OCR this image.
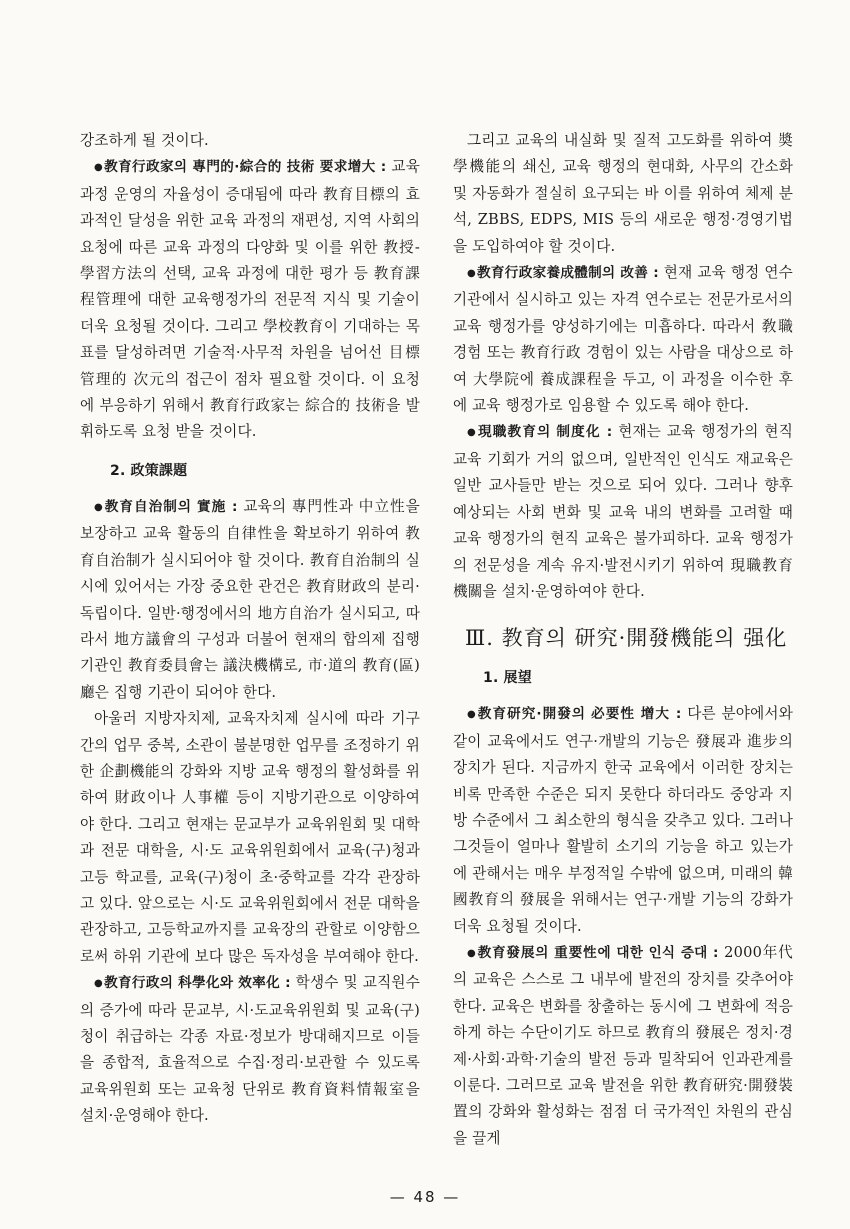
강조하게 될 것이다.

●教育行政家의 專門的·綜合的 技術 要求增大 : 교육 과정 운영의 자율성이 증대됨에 따라 教育目標의 효과적인 달성을 위한 교육 과정의 재편성, 지역 사회의 요청에 따른 교육 과정의 다양화 및 이를 위한 教授-學習方法의 선택, 교육 과정에 대한 평가 등 教育課程管理에 대한 교육행정가의 전문적 지식 및 기술이 더욱 요청될 것이다. 그리고 學校教育이 기대하는 목표를 달성하려면 기술적·사무적 차원을 넘어선 目標管理的 次元의 접근이 점차 필요할 것이다. 이 요청에 부응하기 위해서 教育行政家는 綜合的 技術을 발휘하도록 요청 받을 것이다.

2. 政策課題

●教育自治制의 實施 : 교육의 專門性과 中立性을 보장하고 교육 활동의 自律性을 확보하기 위하여 教育自治制가 실시되어야 할 것이다. 教育自治制의 실시에 있어서는 가장 중요한 관건은 教育財政의 분리·독립이다. 일반·행정에서의 地方自治가 실시되고, 따라서 地方議會의 구성과 더불어 현재의 합의제 집행 기관인 教育委員會는 議決機構로, 市·道의 教育(區)廳은 집행 기관이 되어야 한다.

아울러 지방자치제, 교육자치제 실시에 따라 기구간의 업무 중복, 소관이 불분명한 업무를 조정하기 위한 企劃機能의 강화와 지방 교육 행정의 활성화를 위하여 財政이나 人事權 등이 지방기관으로 이양하여야 한다. 그리고 현재는 문교부가 교육위원회 및 대학과 전문 대학을, 시·도 교육위원회에서 교육(구)청과 고등 학교를, 교육(구)청이 초·중학교를 각각 관장하고 있다. 앞으로는 시·도 교육위원회에서 전문 대학을 관장하고, 고등학교까지를 교육장의 관할로 이양함으로써 하위 기관에 보다 많은 독자성을 부여해야 한다.

●教育行政의 科學化와 效率化 : 학생수 및 교직원수의 증가에 따라 문교부, 시·도교육위원회 및 교육(구)청이 취급하는 각종 자료·정보가 방대해지므로 이들을 종합적, 효율적으로 수집·정리·보관할 수 있도록 교육위원회 또는 교육청 단위로 教育資料情報室을 설치·운영해야 한다.

그리고 교육의 내실화 및 질적 고도화를 위하여 奬學機能의 쇄신, 교육 행정의 현대화, 사무의 간소화 및 자동화가 절실히 요구되는 바 이를 위하여 체제 분석, ZBBS, EDPS, MIS 등의 새로운 행정·경영기법을 도입하여야 할 것이다.

●教育行政家養成體制의 改善 : 현재 교육 행정 연수 기관에서 실시하고 있는 자격 연수로는 전문가로서의 교육 행정가를 양성하기에는 미흡하다. 따라서 敎職 경험 또는 教育行政 경험이 있는 사람을 대상으로 하여 大學院에 養成課程을 두고, 이 과정을 이수한 후에 교육 행정가로 임용할 수 있도록 해야 한다.

●現職教育의 制度化 : 현재는 교육 행정가의 현직 교육 기회가 거의 없으며, 일반적인 인식도 재교육은 일반 교사들만 받는 것으로 되어 있다. 그러나 향후 예상되는 사회 변화 및 교육 내의 변화를 고려할 때 교육 행정가의 현직 교육은 불가피하다. 교육 행정가의 전문성을 계속 유지·발전시키기 위하여 現職教育機關을 설치·운영하여야 한다.

Ⅲ. 教育의 研究·開發機能의 强化
1. 展望

●教育研究·開發의 必要性 增大 : 다른 분야에서와 같이 교육에서도 연구·개발의 기능은 發展과 進步의 장치가 된다. 지금까지 한국 교육에서 이러한 장치는 비록 만족한 수준은 되지 못한다 하더라도 중앙과 지방 수준에서 그 최소한의 형식을 갖추고 있다. 그러나 그것들이 얼마나 활발히 소기의 기능을 하고 있는가에 관해서는 매우 부정적일 수밖에 없으며, 미래의 韓國教育의 發展을 위해서는 연구·개발 기능의 강화가 더욱 요청될 것이다.

●教育發展의 重要性에 대한 인식 증대 : 2000年代의 교육은 스스로 그 내부에 발전의 장치를 갖추어야 한다. 교육은 변화를 창출하는 동시에 그 변화에 적응하게 하는 수단이기도 하므로 教育의 發展은 정치·경제·사회·과학·기술의 발전 등과 밀착되어 인과관계를 이룬다. 그러므로 교육 발전을 위한 教育研究·開發裝置의 강화와 활성화는 점점 더 국가적인 차원의 관심을 끌게

— 48 —
